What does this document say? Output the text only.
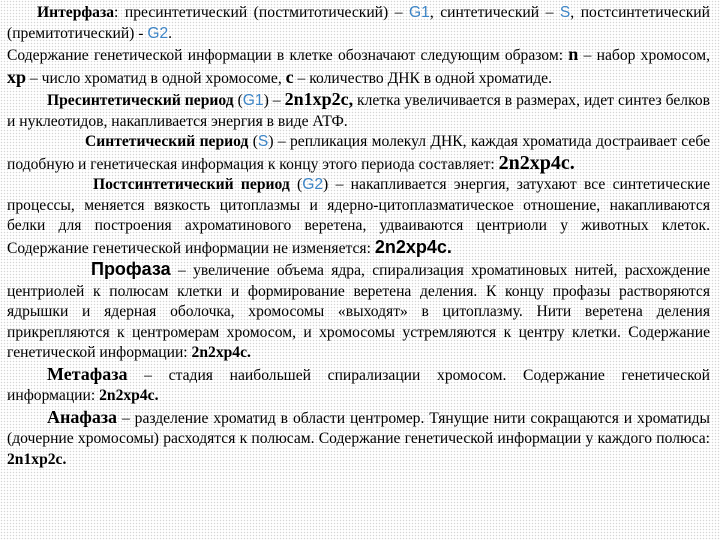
Интерфаза: пресинтетический (постмитотический) – G1, синтетический – S, постсинтетический (премитотический) - G2.

Содержание генетической информации в клетке обозначают следующим образом: n – набор хромосом, хр – число хроматид в одной хромосоме, с – количество ДНК в одной хроматиде.

Пресинтетический период (G1) – 2n1xp2c, клетка увеличивается в размерах, идет синтез белков и нуклеотидов, накапливается энергия в виде АТФ.

Синтетический период (S) – репликация молекул ДНК, каждая хроматида достраивает себе подобную и генетическая информация к концу этого периода составляет: 2n2xp4c.

Постсинтетический период (G2) – накапливается энергия, затухают все синтетические процессы, меняется вязкость цитоплазмы и ядерно-цитоплазматическое отношение, накапливаются белки для построения ахроматинового веретена, удваиваются центриоли у животных клеток. Содержание генетической информации не изменяется: 2n2xp4c.

Профаза – увеличение объема ядра, спирализация хроматиновых нитей, расхождение центриолей к полюсам клетки и формирование веретена деления. К концу профазы растворяются ядрышки и ядерная оболочка, хромосомы «выходят» в цитоплазму. Нити веретена деления прикрепляются к центромерам хромосом, и хромосомы устремляются к центру клетки. Содержание генетической информации: 2n2xp4c.

Метафаза – стадия наибольшей спирализации хромосом. Содержание генетической информации: 2n2xp4c.

Анафаза – разделение хроматид в области центромер. Тянущие нити сокращаются и хроматиды (дочерние хромосомы) расходятся к полюсам. Содержание генетической информации у каждого полюса: 2n1xp2c.
